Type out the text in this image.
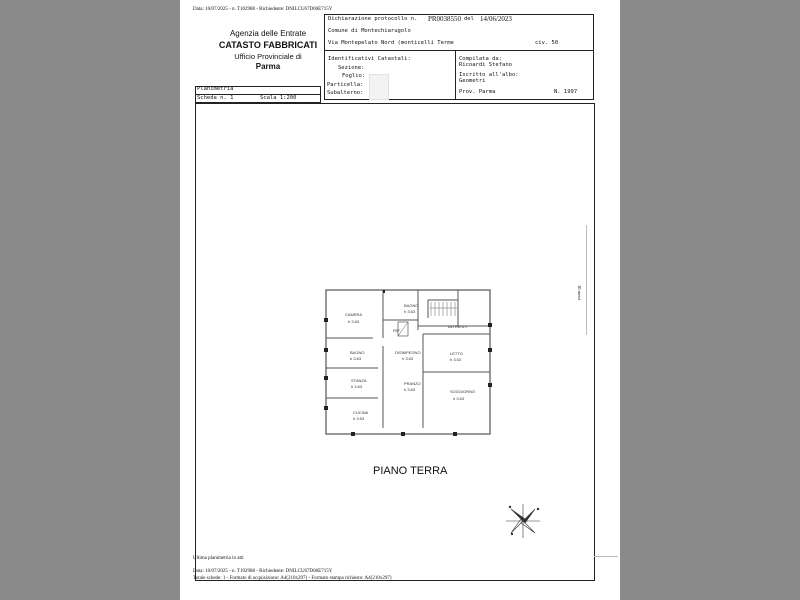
Data: 10/07/2025 - n. T102988 - Richiedente: DNILCU67D06E715Y
Agenzia delle Entrate
CATASTO FABBRICATI
Ufficio Provinciale di
Parma
Dichiarazione protocollo n. PR0038550 del 14/06/2023
Comune di Montechiarugolo
Via Montepelato Nord (monticelli Terme	civ. 50
Identificativi Catastali:
Sezione:
Foglio:
Particella:
Subalterno:
Compilata da:
Ricoardi Stefano
Iscritto all'albo:
Geometri
Prov. Parma	N. 1997
Planimetria
Scheda n. 1	Scala 1:200
10 metri
CAMERA
h 3.63
BAGNO
h 3.63
RIP
ALTRA U.I.
BAGNO
h 3.63
DISIMPEGNO
h 3.63
LETTO
h 3.63
STANZA
h 3.63
PRANZO
h 3.63	SOGGIORNO
h 3.63
CUCINA
h 3.63
PIANO TERRA
Ultima planimetria in atti
Data: 10/07/2025 - n. T102988 - Richiedente: DNILCU67D06E715Y
Totale schede: 1 - Formato di acquisizione: A4(210x297) - Formato stampa richiesto: A4(210x297)
